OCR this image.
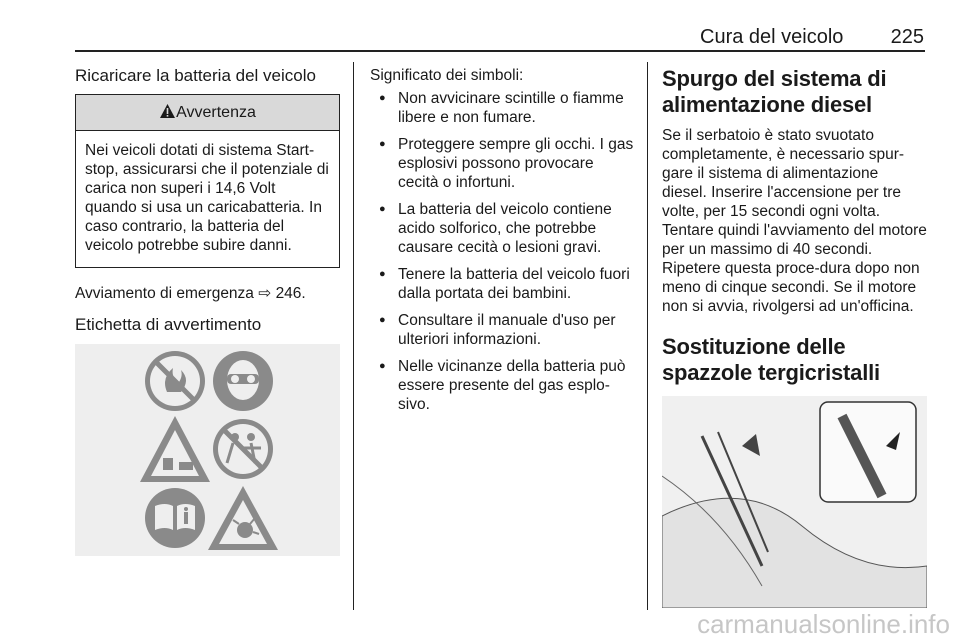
Cura del veicolo 225
Ricaricare la batteria del veicolo
Avvertenza
Nei veicoli dotati di sistema Start-stop, assicurarsi che il potenziale di carica non superi i 14,6 Volt quando si usa un caricabatteria. In caso contrario, la batteria del veicolo potrebbe subire danni.
Avviamento di emergenza ⇨ 246.
Etichetta di avvertimento
Significato dei simboli:
● Non avvicinare scintille o fiamme libere e non fumare.
● Proteggere sempre gli occhi. I gas esplosivi possono provocare cecità o infortuni.
● La batteria del veicolo contiene acido solforico, che potrebbe causare cecità o lesioni gravi.
● Tenere la batteria del veicolo fuori dalla portata dei bambini.
● Consultare il manuale d'uso per ulteriori informazioni.
● Nelle vicinanze della batteria può essere presente del gas esplo-sivo.
Spurgo del sistema di alimentazione diesel
Se il serbatoio è stato svuotato completamente, è necessario spur-gare il sistema di alimentazione diesel. Inserire l'accensione per tre volte, per 15 secondi ogni volta. Tentare quindi l'avviamento del motore per un massimo di 40 secondi. Ripetere questa proce-dura dopo non meno di cinque secondi. Se il motore non si avvia, rivolgersi ad un'officina.
Sostituzione delle spazzole tergicristalli
carmanualsonline.info
